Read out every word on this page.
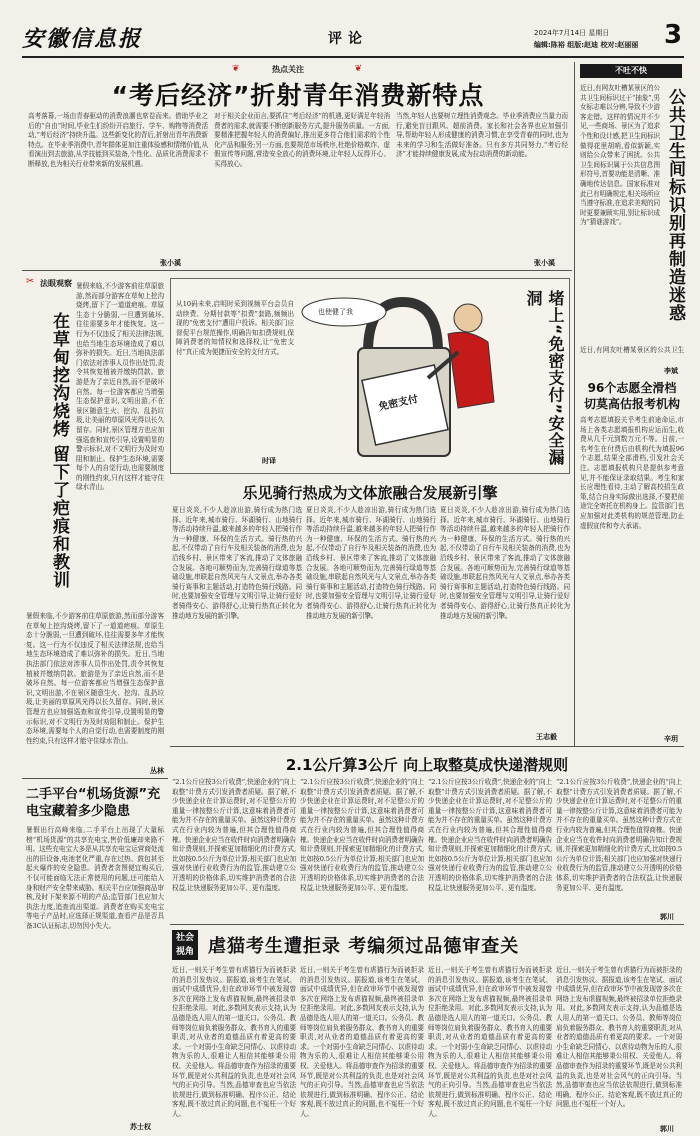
安徽信息报	评论	2024年7月14日 星期日
编辑:陈裕 组版:赵迪 校对:赵丽丽 3
❦	热点关注	❦
“考后经济”折射青年消费新特点
高考落幕,一场由青春驱动的消费浪潮也席卷而来。借助毕业之后的“自由”时间,毕业生们纷纷开启旅行、学车、购物等消费活动,“考后经济”持续升温。这些新变化的背后,折射出青年消费新特点。在毕业季消费中,青年群体更加注重体验感和情绪价值,从看演出到去旅游,从学技能到买装备,个性化、品质化消费需求不断释放,也为相关行业带来新的发展机遇。
张小溪
对于相关企业而言,要抓住“考后经济”的机遇,更好满足年轻消费者的需求,就需要不断创新服务方式,提升服务质量。一方面,要精准把握年轻人的消费偏好,推出更多符合他们需求的个性化产品和服务;另一方面,也要规范市场秩序,杜绝价格欺诈、虚假宣传等问题,营造安全放心的消费环境,让年轻人玩得开心、买得放心。
当然,年轻人也要树立理性消费观念。毕业季消费应当量力而行,避免盲目跟风、超前消费。家长和社会各界也应加强引导,帮助年轻人形成健康的消费习惯,在享受青春的同时,也为未来的学习和生活做好准备。只有多方共同努力,“考后经济”才能持续健康发展,成为拉动消费的新动能。
张小溪
✂ 法眼观察
在草甸挖沟烧烤 留下了疤痕和教训
暑假来临,不少游客前往草原旅游,然而部分游客在草甸上挖沟烧烤,留下了一道道疤痕。草原生态十分脆弱,一旦遭到破坏,往往需要多年才能恢复。这一行为不仅违反了相关法律法规,也给当地生态环境造成了难以弥补的损失。近日,当地执法部门依法对涉事人员作出处罚,责令其恢复植被并缴纳罚款。旅游是为了亲近自然,而不是破坏自然。每一位游客都应当增强生态保护意识,文明出游,不在景区随意生火、挖沟、乱扔垃圾,让美丽的草原风光得以长久留存。同时,景区管理方也应加强巡查和宣传引导,设置明显的警示标识,对不文明行为及时劝阻和制止。保护生态环境,需要每个人的自觉行动,也需要制度的刚性约束,只有这样才能守住绿水青山。
暑假来临,不少游客前往草原旅游,然而部分游客在草甸上挖沟烧烤,留下了一道道疤痕。草原生态十分脆弱,一旦遭到破坏,往往需要多年才能恢复。这一行为不仅违反了相关法律法规,也给当地生态环境造成了难以弥补的损失。近日,当地执法部门依法对涉事人员作出处罚,责令其恢复植被并缴纳罚款。旅游是为了亲近自然,而不是破坏自然。每一位游客都应当增强生态保护意识,文明出游,不在景区随意生火、挖沟、乱扔垃圾,让美丽的草原风光得以长久留存。同时,景区管理方也应加强巡查和宣传引导,设置明显的警示标识,对不文明行为及时劝阻和制止。保护生态环境,需要每个人的自觉行动,也需要制度的刚性约束,只有这样才能守住绿水青山。
丛林
二手平台“机场货源”充电宝藏着多少隐患
暑假出行高峰来临,二手平台上出现了大量标榜“机场货源”的共享充电宝,售价低廉却来路不明。这些充电宝大多是从共享充电宝运营商处流出的旧设备,电池老化严重,存在过热、鼓包甚至起火爆炸的安全隐患。消费者贪图便宜购买后,不仅可能面临无法正常使用的问题,还可能给人身和财产安全带来威胁。相关平台应加强商品审核,及时下架来源不明的产品;监管部门也应加大执法力度,追查流出渠道。消费者在购买充电宝等电子产品时,应选择正规渠道,查看产品是否具备3C认证标志,切勿因小失大。
苏士权
从10码未来,启明时采到视频平台会员自动续费、分期付款等“扣费”套路,频频出现的“免密支付”遭用户投诉。相关部门应督促平台规范操作,明确告知扣费规则,保障消费者的知情权和选择权,让“免密支付”真正成为便捷而安全的支付方式。
时译
也使健了我
免密支付	堵上“免密支付”安全漏洞
乐见骑行热成为文体旅融合发展新引擎
夏日炎炎,不少人趁凉出游,骑行成为热门选择。近年来,城市骑行、环湖骑行、山地骑行等活动持续升温,越来越多的年轻人把骑行作为一种健康、环保的生活方式。骑行热的兴起,不仅带动了自行车及相关装备的消费,也为沿线乡村、景区带来了客流,推动了文体旅融合发展。各地可顺势而为,完善骑行绿道等基础设施,串联起自然风光与人文景点,举办各类骑行赛事和主题活动,打造特色骑行线路。同时,也要加强安全管理与文明引导,让骑行爱好者骑得安心、游得舒心,让骑行热真正转化为推动地方发展的新引擎。
夏日炎炎,不少人趁凉出游,骑行成为热门选择。近年来,城市骑行、环湖骑行、山地骑行等活动持续升温,越来越多的年轻人把骑行作为一种健康、环保的生活方式。骑行热的兴起,不仅带动了自行车及相关装备的消费,也为沿线乡村、景区带来了客流,推动了文体旅融合发展。各地可顺势而为,完善骑行绿道等基础设施,串联起自然风光与人文景点,举办各类骑行赛事和主题活动,打造特色骑行线路。同时,也要加强安全管理与文明引导,让骑行爱好者骑得安心、游得舒心,让骑行热真正转化为推动地方发展的新引擎。
夏日炎炎,不少人趁凉出游,骑行成为热门选择。近年来,城市骑行、环湖骑行、山地骑行等活动持续升温,越来越多的年轻人把骑行作为一种健康、环保的生活方式。骑行热的兴起,不仅带动了自行车及相关装备的消费,也为沿线乡村、景区带来了客流,推动了文体旅融合发展。各地可顺势而为,完善骑行绿道等基础设施,串联起自然风光与人文景点,举办各类骑行赛事和主题活动,打造特色骑行线路。同时,也要加强安全管理与文明引导,让骑行爱好者骑得安心、游得舒心,让骑行热真正转化为推动地方发展的新引擎。
王志毅
2.1公斤算3公斤 向上取整莫成快递潜规则
“2.1公斤应按3公斤收费”,快递企业的“向上取整”计费方式引发消费者质疑。据了解,不少快递企业在计算运费时,对不足整公斤的重量一律按整公斤计算,这意味着消费者可能为并不存在的重量买单。虽然这种计费方式在行业内较为普遍,但其合理性值得商榷。快递企业应当在收件时向消费者明确告知计费规则,并探索更加精细化的计费方式,比如按0.5公斤为单位计算;相关部门也应加强对快递行业收费行为的监管,推动建立公开透明的价格体系,切实维护消费者的合法权益,让快递服务更加公平、更有温度。
“2.1公斤应按3公斤收费”,快递企业的“向上取整”计费方式引发消费者质疑。据了解,不少快递企业在计算运费时,对不足整公斤的重量一律按整公斤计算,这意味着消费者可能为并不存在的重量买单。虽然这种计费方式在行业内较为普遍,但其合理性值得商榷。快递企业应当在收件时向消费者明确告知计费规则,并探索更加精细化的计费方式,比如按0.5公斤为单位计算;相关部门也应加强对快递行业收费行为的监管,推动建立公开透明的价格体系,切实维护消费者的合法权益,让快递服务更加公平、更有温度。
“2.1公斤应按3公斤收费”,快递企业的“向上取整”计费方式引发消费者质疑。据了解,不少快递企业在计算运费时,对不足整公斤的重量一律按整公斤计算,这意味着消费者可能为并不存在的重量买单。虽然这种计费方式在行业内较为普遍,但其合理性值得商榷。快递企业应当在收件时向消费者明确告知计费规则,并探索更加精细化的计费方式,比如按0.5公斤为单位计算;相关部门也应加强对快递行业收费行为的监管,推动建立公开透明的价格体系,切实维护消费者的合法权益,让快递服务更加公平、更有温度。
“2.1公斤应按3公斤收费”,快递企业的“向上取整”计费方式引发消费者质疑。据了解,不少快递企业在计算运费时,对不足整公斤的重量一律按整公斤计算,这意味着消费者可能为并不存在的重量买单。虽然这种计费方式在行业内较为普遍,但其合理性值得商榷。快递企业应当在收件时向消费者明确告知计费规则,并探索更加精细化的计费方式,比如按0.5公斤为单位计算;相关部门也应加强对快递行业收费行为的监管,推动建立公开透明的价格体系,切实维护消费者的合法权益,让快递服务更加公平、更有温度。
郭川
社会视角 虐猫考生遭拒录 考编须过品德审查关
近日,一则关于考生曾有虐猫行为而被拒录的消息引发热议。据报道,该考生在笔试、面试中成绩优异,但在政审环节中被发现曾多次在网络上发布虐猫视频,最终被招录单位拒绝录用。对此,多数网友表示支持,认为品德是选人用人的第一道关口。公务员、教师等岗位肩负着服务群众、教书育人的重要职责,对从业者的道德品质有着更高的要求。一个对弱小生命缺乏同情心、以虐待动物为乐的人,很难让人相信其能够秉公用权、关爱他人。将品德审查作为招录的重要环节,既是对公共利益的负责,也是对社会风气的正向引导。当然,品德审查也应当依法依规进行,做到标准明确、程序公正、结论客观,既不放过真正的问题,也不冤枉一个好人。
近日,一则关于考生曾有虐猫行为而被拒录的消息引发热议。据报道,该考生在笔试、面试中成绩优异,但在政审环节中被发现曾多次在网络上发布虐猫视频,最终被招录单位拒绝录用。对此,多数网友表示支持,认为品德是选人用人的第一道关口。公务员、教师等岗位肩负着服务群众、教书育人的重要职责,对从业者的道德品质有着更高的要求。一个对弱小生命缺乏同情心、以虐待动物为乐的人,很难让人相信其能够秉公用权、关爱他人。将品德审查作为招录的重要环节,既是对公共利益的负责,也是对社会风气的正向引导。当然,品德审查也应当依法依规进行,做到标准明确、程序公正、结论客观,既不放过真正的问题,也不冤枉一个好人。
近日,一则关于考生曾有虐猫行为而被拒录的消息引发热议。据报道,该考生在笔试、面试中成绩优异,但在政审环节中被发现曾多次在网络上发布虐猫视频,最终被招录单位拒绝录用。对此,多数网友表示支持,认为品德是选人用人的第一道关口。公务员、教师等岗位肩负着服务群众、教书育人的重要职责,对从业者的道德品质有着更高的要求。一个对弱小生命缺乏同情心、以虐待动物为乐的人,很难让人相信其能够秉公用权、关爱他人。将品德审查作为招录的重要环节,既是对公共利益的负责,也是对社会风气的正向引导。当然,品德审查也应当依法依规进行,做到标准明确、程序公正、结论客观,既不放过真正的问题,也不冤枉一个好人。
近日,一则关于考生曾有虐猫行为而被拒录的消息引发热议。据报道,该考生在笔试、面试中成绩优异,但在政审环节中被发现曾多次在网络上发布虐猫视频,最终被招录单位拒绝录用。对此,多数网友表示支持,认为品德是选人用人的第一道关口。公务员、教师等岗位肩负着服务群众、教书育人的重要职责,对从业者的道德品质有着更高的要求。一个对弱小生命缺乏同情心、以虐待动物为乐的人,很难让人相信其能够秉公用权、关爱他人。将品德审查作为招录的重要环节,既是对公共利益的负责,也是对社会风气的正向引导。当然,品德审查也应当依法依规进行,做到标准明确、程序公正、结论客观,既不放过真正的问题,也不冤枉一个好人。
郭川
不吐不快
近日,有网友吐槽某景区的公共卫生间标识过于“抽象”,男女标志难以分辨,导致不少游客走错。这样的情况并不少见,一些商场、景区为了追求个性和设计感,把卫生间标识做得花里胡哨,看似新颖,实则给公众带来了困扰。公共卫生间标识属于公共信息图形符号,首要功能是清晰、准确地传达信息。国家标准对此已有明确规定,相关场所应当遵守标准,在追求美观的同时更要兼顾实用,别让标识成为“猜谜游戏”。	公共卫生间标识别再制造迷惑
近日,有网友吐槽某景区的公共卫生
李斌
96个志愿全滑档 切莫高估报考机构
高考志愿填报关乎考生前途命运,市场上各类志愿填报机构应运而生,收费从几千元到数万元不等。日前,一名考生在付费后由机构代为填报96个志愿,结果全部滑档,引发社会关注。志愿填报机构只是提供参考意见,并不能保证录取结果。考生和家长应理性看待,主动了解高校招生政策,结合自身实际做出选择,不要把前途完全寄托在机构身上。监管部门也应加强对此类机构的规范管理,防止虚假宣传和夸大承诺。
辛玥
